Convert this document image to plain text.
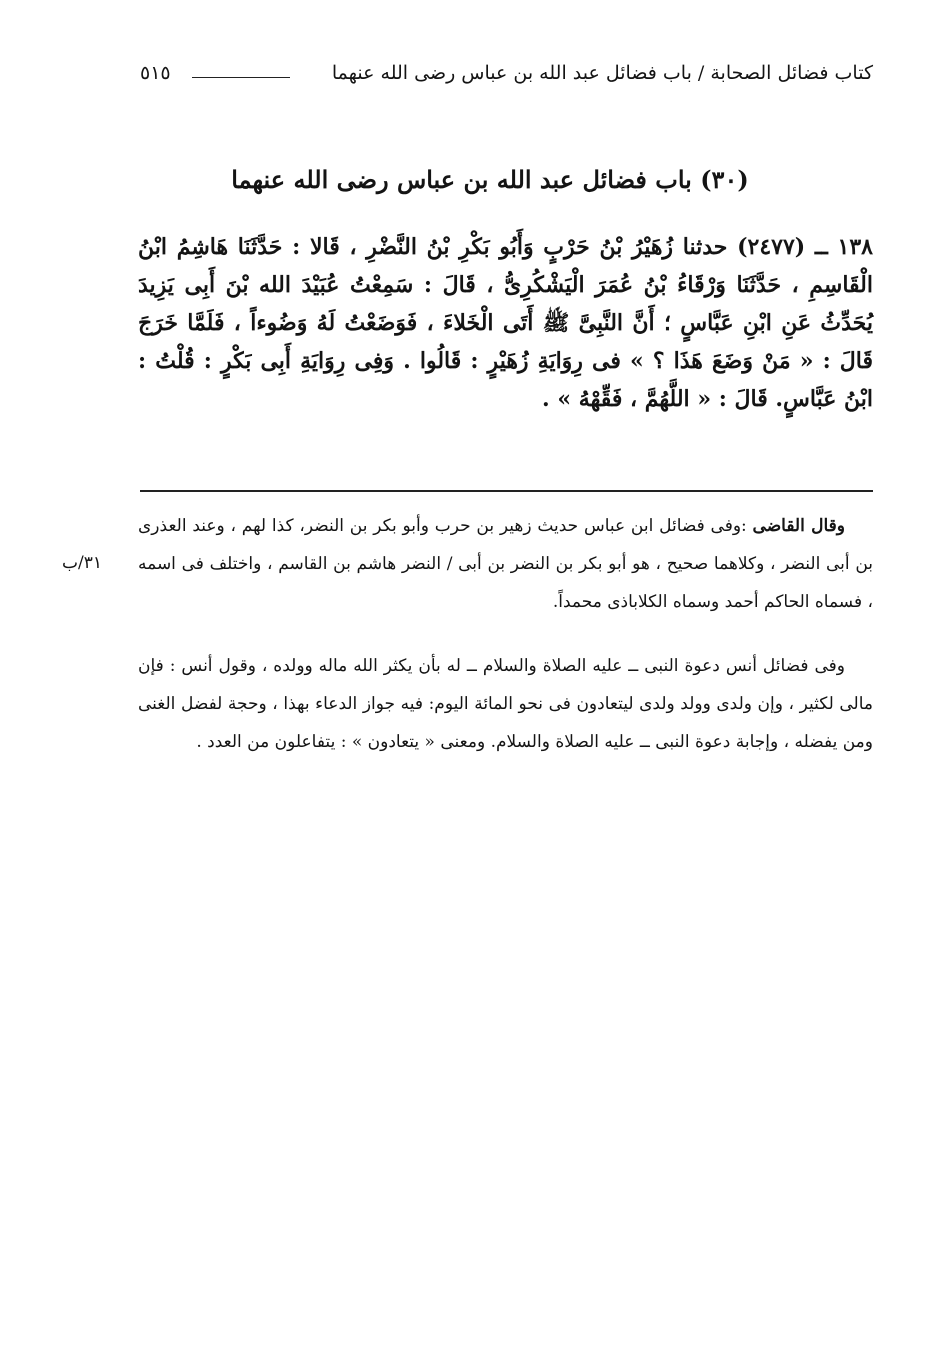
كتاب فضائل الصحابة / باب فضائل عبد الله بن عباس رضى الله عنهما
٥١٥
(٣٠) باب فضائل عبد الله بن عباس رضى الله عنهما
١٣٨ ــ (٢٤٧٧) حدثنا زُهَيْرُ بْنُ حَرْبٍ وَأَبُو بَكْرِ بْنُ النَّضْرِ ، قَالا : حَدَّثَنَا هَاشِمُ ابْنُ الْقَاسِمِ ، حَدَّثَنَا وَرْقَاءُ بْنُ عُمَرَ الْيَشْكُرِىُّ ، قَالَ : سَمِعْتُ عُبَيْدَ الله بْنَ أَبِى يَزِيدَ يُحَدِّثُ عَنِ ابْنِ عَبَّاسٍ ؛ أَنَّ النَّبِىَّ ﷺ أَتَى الْخَلاءَ ، فَوَضَعْتُ لَهُ وَضُوءاً ، فَلَمَّا خَرَجَ قَالَ : « مَنْ وَضَعَ هَذَا ؟ » فى رِوَايَةِ زُهَيْرٍ : قَالُوا . وَفِى رِوَايَةِ أَبِى بَكْرٍ : قُلْتُ : ابْنُ عَبَّاسٍ. قَالَ : « اللَّهُمَّ ، فَقِّهْهُ » .
٣١/ب

وقال القاضى :وفى فضائل ابن عباس حديث زهير بن حرب وأبو بكر بن النضر، كذا لهم ، وعند العذرى بن أبى النضر ، وكلاهما صحيح ، هو أبو بكر بن النضر بن أبى / النضر هاشم بن القاسم ، واختلف فى اسمه ، فسماه الحاكم أحمد وسماه الكلاباذى محمداً.

وفى فضائل أنس دعوة النبى ــ عليه الصلاة والسلام ــ له بأن يكثر الله ماله وولده ، وقول أنس : فإن مالى لكثير ، وإن ولدى وولد ولدى ليتعادون فى نحو المائة اليوم: فيه جواز الدعاء بهذا ، وحجة لفضل الغنى ومن يفضله ، وإجابة دعوة النبى ــ عليه الصلاة والسلام. ومعنى « يتعادون » : يتفاعلون من العدد .
